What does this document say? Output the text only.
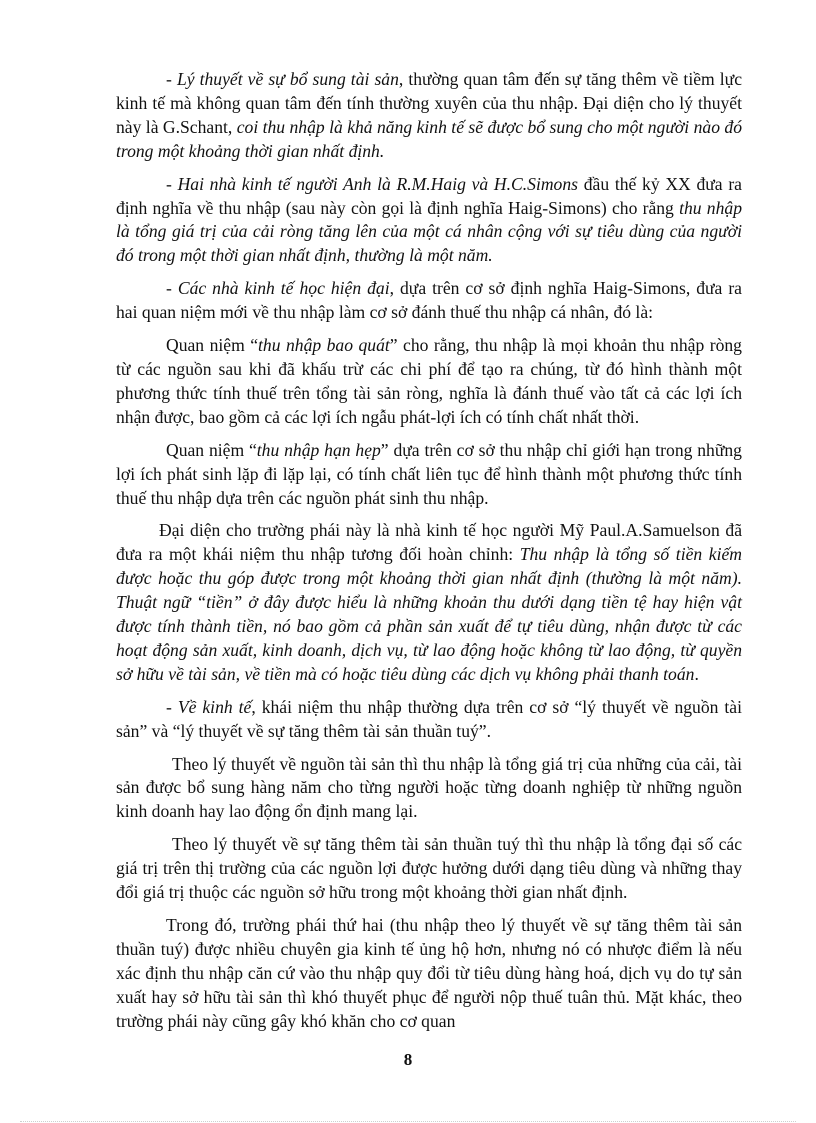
- Lý thuyết về sự bổ sung tài sản, thường quan tâm đến sự tăng thêm về tiềm lực kinh tế mà không quan tâm đến tính thường xuyên của thu nhập. Đại diện cho lý thuyết này là G.Schant, coi thu nhập là khả năng kinh tế sẽ được bổ sung cho một người nào đó trong một khoảng thời gian nhất định.

- Hai nhà kinh tế người Anh là R.M.Haig và H.C.Simons đầu thế kỷ XX đưa ra định nghĩa về thu nhập (sau này còn gọi là định nghĩa Haig-Simons) cho rằng thu nhập là tổng giá trị của cải ròng tăng lên của một cá nhân cộng với sự tiêu dùng của người đó trong một thời gian nhất định, thường là một năm.

- Các nhà kinh tế học hiện đại, dựa trên cơ sở định nghĩa Haig-Simons, đưa ra hai quan niệm mới về thu nhập làm cơ sở đánh thuế thu nhập cá nhân, đó là:

Quan niệm “thu nhập bao quát” cho rằng, thu nhập là mọi khoản thu nhập ròng từ các nguồn sau khi đã khấu trừ các chi phí để tạo ra chúng, từ đó hình thành một phương thức tính thuế trên tổng tài sản ròng, nghĩa là đánh thuế vào tất cả các lợi ích nhận được, bao gồm cả các lợi ích ngẫu phát-lợi ích có tính chất nhất thời.

Quan niệm “thu nhập hạn hẹp” dựa trên cơ sở thu nhập chỉ giới hạn trong những lợi ích phát sinh lặp đi lặp lại, có tính chất liên tục để hình thành một phương thức tính thuế thu nhập dựa trên các nguồn phát sinh thu nhập.

Đại diện cho trường phái này là nhà kinh tế học người Mỹ Paul.A.Samuelson đã đưa ra một khái niệm thu nhập tương đối hoàn chỉnh: Thu nhập là tổng số tiền kiếm được hoặc thu góp được trong một khoảng thời gian nhất định (thường là một năm). Thuật ngữ “tiền” ở đây được hiểu là những khoản thu dưới dạng tiền tệ hay hiện vật được tính thành tiền, nó bao gồm cả phần sản xuất để tự tiêu dùng, nhận được từ các hoạt động sản xuất, kinh doanh, dịch vụ, từ lao động hoặc không từ lao động, từ quyền sở hữu về tài sản, về tiền mà có hoặc tiêu dùng các dịch vụ không phải thanh toán.

- Về kinh tế, khái niệm thu nhập thường dựa trên cơ sở “lý thuyết về nguồn tài sản” và “lý thuyết về sự tăng thêm tài sản thuần tuý”.

Theo lý thuyết về nguồn tài sản thì thu nhập là tổng giá trị của những của cải, tài sản được bổ sung hàng năm cho từng người hoặc từng doanh nghiệp từ những nguồn kinh doanh hay lao động ổn định mang lại.

Theo lý thuyết về sự tăng thêm tài sản thuần tuý thì thu nhập là tổng đại số các giá trị trên thị trường của các nguồn lợi được hưởng dưới dạng tiêu dùng và những thay đổi giá trị thuộc các nguồn sở hữu trong một khoảng thời gian nhất định.

Trong đó, trường phái thứ hai (thu nhập theo lý thuyết về sự tăng thêm tài sản thuần tuý) được nhiều chuyên gia kinh tế ủng hộ hơn, nhưng nó có nhược điểm là nếu xác định thu nhập căn cứ vào thu nhập quy đổi từ tiêu dùng hàng hoá, dịch vụ do tự sản xuất hay sở hữu tài sản thì khó thuyết phục để người nộp thuế tuân thủ. Mặt khác, theo trường phái này cũng gây khó khăn cho cơ quan

8
